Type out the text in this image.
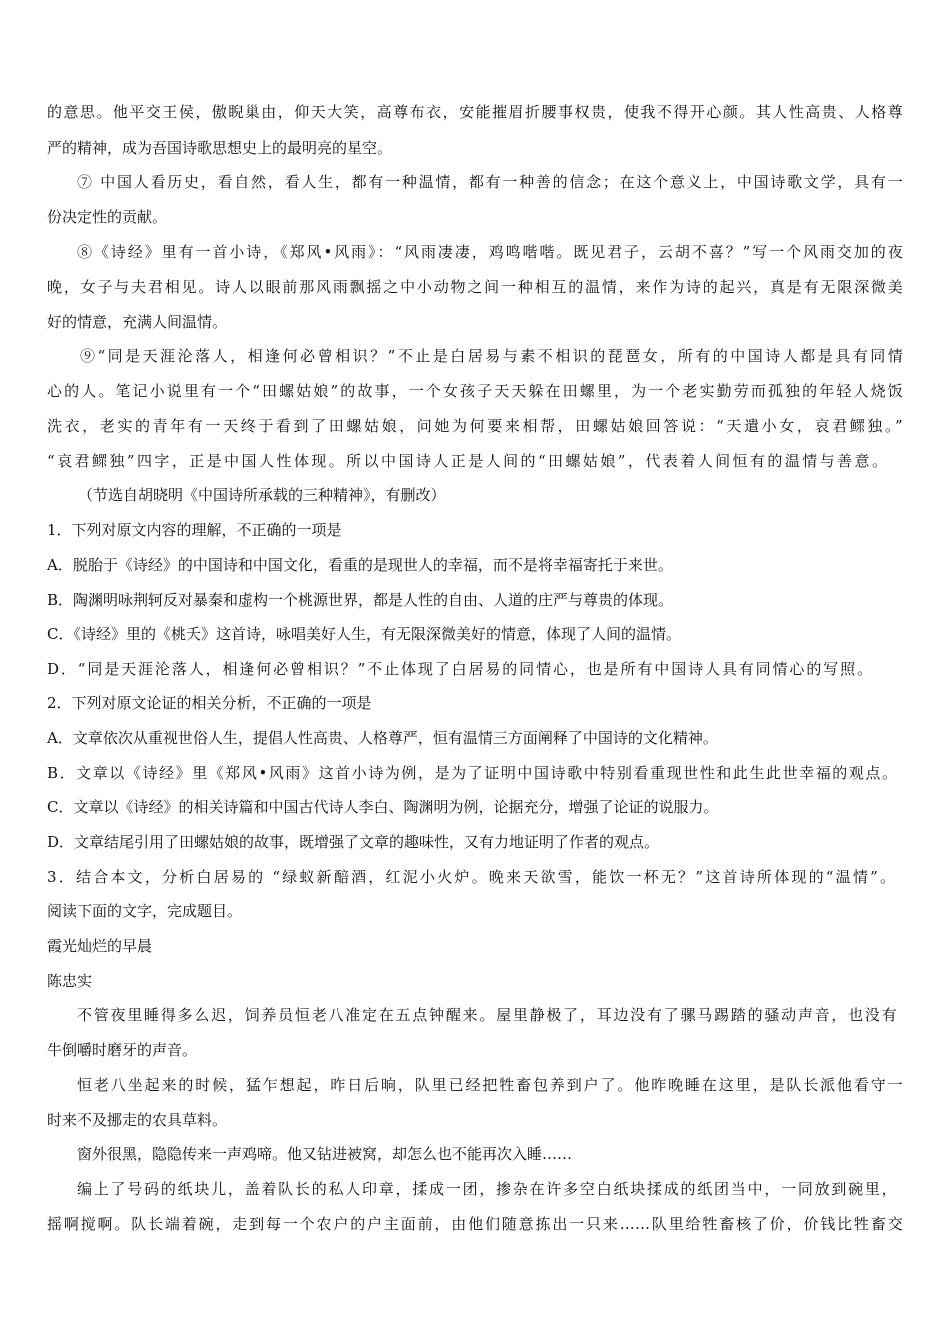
的意思。他平交王侯，傲睨巢由，仰天大笑，高尊布衣，安能摧眉折腰事权贵，使我不得开心颜。其人性高贵、人格尊
严的精神，成为吾国诗歌思想史上的最明亮的星空。
⑦ 中国人看历史，看自然，看人生，都有一种温情，都有一种善的信念；在这个意义上，中国诗歌文学，具有一
份决定性的贡献。
⑧《诗经》里有一首小诗，《郑风•风雨》：“风雨凄凄，鸡鸣喈喈。既见君子，云胡不喜？”写一个风雨交加的夜
晚，女子与夫君相见。诗人以眼前那风雨飘摇之中小动物之间一种相互的温情，来作为诗的起兴，真是有无限深微美
好的情意，充满人间温情。
⑨“同是天涯沦落人，相逢何必曾相识？”不止是白居易与素不相识的琵琶女，所有的中国诗人都是具有同情
心的人。笔记小说里有一个“田螺姑娘”的故事，一个女孩子天天躲在田螺里，为一个老实勤劳而孤独的年轻人烧饭
洗衣，老实的青年有一天终于看到了田螺姑娘，问她为何要来相帮，田螺姑娘回答说：“天遣小女，哀君鳏独。”
“哀君鳏独”四字，正是中国人性体现。所以中国诗人正是人间的“田螺姑娘”，代表着人间恒有的温情与善意。
（节选自胡晓明《中国诗所承载的三种精神》，有删改）
1．下列对原文内容的理解，不正确的一项是
A．脱胎于《诗经》的中国诗和中国文化，看重的是现世人的幸福，而不是将幸福寄托于来世。
B．陶渊明咏荆轲反对暴秦和虚构一个桃源世界，都是人性的自由、人道的庄严与尊贵的体现。
C．《诗经》里的《桃夭》这首诗，咏唱美好人生，有无限深微美好的情意，体现了人间的温情。
D．“同是天涯沦落人，相逢何必曾相识？”不止体现了白居易的同情心，也是所有中国诗人具有同情心的写照。
2．下列对原文论证的相关分析，不正确的一项是
A．文章依次从重视世俗人生，提倡人性高贵、人格尊严，恒有温情三方面阐释了中国诗的文化精神。
B．文章以《诗经》里《郑风•风雨》这首小诗为例，是为了证明中国诗歌中特别看重现世性和此生此世幸福的观点。
C．文章以《诗经》的相关诗篇和中国古代诗人李白、陶渊明为例，论据充分，增强了论证的说服力。
D．文章结尾引用了田螺姑娘的故事，既增强了文章的趣味性，又有力地证明了作者的观点。
3．结合本文，分析白居易的 “绿蚁新醅酒，红泥小火炉。晚来天欲雪，能饮一杯无？”这首诗所体现的“温情”。
阅读下面的文字，完成题目。
霞光灿烂的早晨
陈忠实
不管夜里睡得多么迟，饲养员恒老八准定在五点钟醒来。屋里静极了，耳边没有了骡马踢踏的骚动声音，也没有
牛倒嚼时磨牙的声音。
恒老八坐起来的时候，猛乍想起，昨日后晌，队里已经把牲畜包养到户了。他昨晚睡在这里，是队长派他看守一
时来不及挪走的农具草料。
窗外很黑，隐隐传来一声鸡啼。他又钻进被窝，却怎么也不能再次入睡……
编上了号码的纸块儿，盖着队长的私人印章，揉成一团，掺杂在许多空白纸块揉成的纸团当中，一同放到碗里，
摇啊搅啊。队长端着碗，走到每一个农户的户主面前，由他们随意拣出一只来……队里给牲畜核了价，价钱比牲畜交
